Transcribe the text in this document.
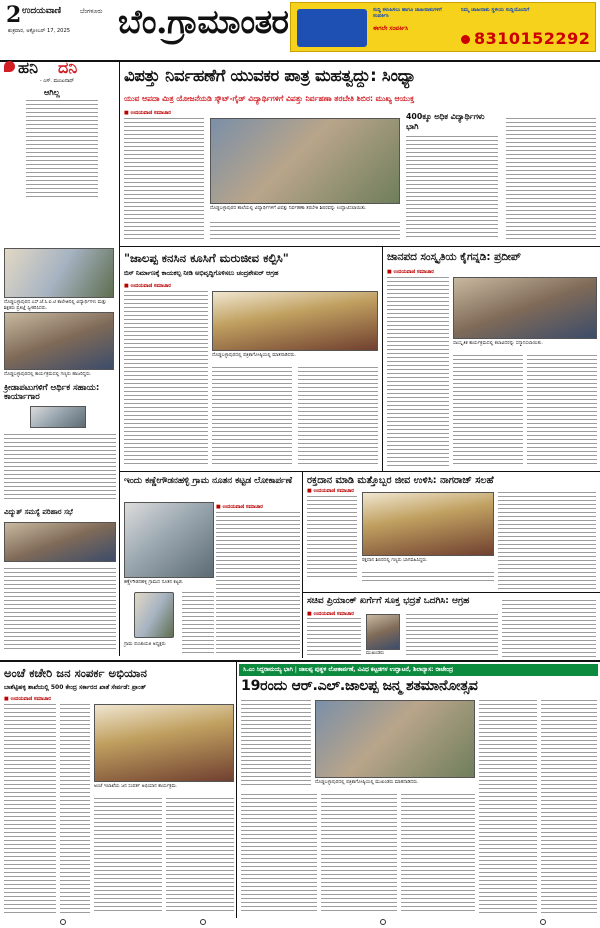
2 ಉದಯವಾಣಿ	ಬೆಂಗಳೂರು
ಶುಕ್ರವಾರ, ಅಕ್ಟೋಬರ್ 17, 2025 ಬೆಂ.ಗ್ರಾಮಾಂತರ	ಸುದ್ದಿ ಕಳುಹಿಸಲು ಹಾಗೂ ಜಾಹೀರಾತುಗಳಿಗೆ ಸಂಪರ್ಕಿಸಿ
ಈಗಲೇ ಸಂಪರ್ಕಿಸಿ
ನಿಮ್ಮ ಜಾಹೀರಾತು ಸ್ಥಳೀಯ ಸುದ್ದಿಯೊಂದಿಗೆ
8310152292
ಹನಿ ದನಿ
- ಎಸ್. ಮಂಜುನಾಥ್
ಆಗಿಲ್ಲ
ದೊಡ್ಡಬಳ್ಳಾಪುರದ ಎಸ್‌.ಜೆ.ಸಿ.ಐ.ಟಿ ಕಾಲೇಜಿನಲ್ಲಿ ವಿದ್ಯಾರ್ಥಿಗಳು ಮತ್ತು ಶಿಕ್ಷಕರು ಪ್ರತಿಜ್ಞೆ ಸ್ವೀಕರಿಸಿದರು.
ದೊಡ್ಡಬಳ್ಳಾಪುರದಲ್ಲಿ ಕಾರ್ಯಕ್ರಮದಲ್ಲಿ ಗಣ್ಯರು ಹಾಜರಿದ್ದರು.
ಕ್ರೀಡಾಪಟುಗಳಿಗೆ ಆರ್ಥಿಕ ಸಹಾಯ: ಕಾರ್ಯಾಗಾರ
ವಿದ್ಯುತ್ ಸಮಸ್ಯೆ ಪರಿಹಾರ ಸಭೆ
ವಿಪತ್ತು ನಿರ್ವಹಣೆಗೆ ಯುವಕರ ಪಾತ್ರ ಮಹತ್ವದ್ದು: ಸಿಂಧ್ಯಾ
ಯುವ ಆಪದಾ ಮಿತ್ರ ಯೋಜನೆಯಡಿ ಸ್ಕೌಟ್-ಗೈಡ್ ವಿದ್ಯಾರ್ಥಿಗಳಿಗೆ ವಿಪತ್ತು ನಿರ್ವಹಣಾ ತರಬೇತಿ ಶಿಬಿರ: ಮುಖ್ಯ ಆಯುಕ್ತ
■ ಉದಯವಾಣಿ ಸಮಾಚಾರ
ದೊಡ್ಡಬಳ್ಳಾಪುರದ ಶಾಲೆಯಲ್ಲಿ ವಿದ್ಯಾರ್ಥಿಗಳಿಗೆ ವಿಪತ್ತು ನಿರ್ವಹಣಾ ತರಬೇತಿ ಶಿಬಿರವನ್ನು ಉದ್ಘಾಟಿಸಲಾಯಿತು.
400ಕ್ಕೂ ಅಧಿಕ ವಿದ್ಯಾರ್ಥಿಗಳು ಭಾಗಿ
"ಜಾಲಪ್ಪ ಕನಸಿನ ಕೂಸಿಗೆ ಮರುಜೀವ ಕಲ್ಪಿಸಿ"
ಬಿಸ್ ನಿರ್ಮಾಣಕ್ಕೆ ಕಾಯಕಲ್ಪ ನೀಡಿ ಅಭಿವೃದ್ಧಿಗೊಳಿಸಲು ಚಂದ್ರಶೇಖರ್ ಆಗ್ರಹ
■ ಉದಯವಾಣಿ ಸಮಾಚಾರ
ದೊಡ್ಡಬಳ್ಳಾಪುರದಲ್ಲಿ ಪತ್ರಿಕಾಗೋಷ್ಠಿಯಲ್ಲಿ ಮಾತನಾಡಿದರು.
ಜಾನಪದ ಸಂಸ್ಕೃತಿಯ ಕೈಗನ್ನಡಿ: ಪ್ರದೀಪ್
■ ಉದಯವಾಣಿ ಸಮಾಚಾರ
ಸಾಂಸ್ಕೃತಿಕ ಕಾರ್ಯಕ್ರಮದಲ್ಲಿ ಕಲಾವಿದರನ್ನು ಸನ್ಮಾನಿಸಲಾಯಿತು.
ಇಂದು ಕಣ್ಣೇಗೌಡನಹಳ್ಳಿ ಗ್ರಾಮ ನೂತನ ಕಟ್ಟಡ ಲೋಕಾರ್ಪಣೆ
■ ಉದಯವಾಣಿ ಸಮಾಚಾರ
ಕಣ್ಣೇಗೌಡನಹಳ್ಳಿ ಗ್ರಾಮದ ನೂತನ ಕಟ್ಟಡ.
ಗ್ರಾಮ ಪಂಚಾಯತಿ ಅಧ್ಯಕ್ಷರು
ರಕ್ತದಾನ ಮಾಡಿ ಮತ್ತೊಬ್ಬರ ಜೀವ ಉಳಿಸಿ: ನಾಗರಾಜ್ ಸಲಹೆ
■ ಉದಯವಾಣಿ ಸಮಾಚಾರ
ರಕ್ತದಾನ ಶಿಬಿರದಲ್ಲಿ ಗಣ್ಯರು ಭಾಗವಹಿಸಿದ್ದರು.
ಸಚಿವ ಪ್ರಿಯಾಂಕ್ ಖರ್ಗೆಗೆ ಸೂಕ್ತ ಭದ್ರತೆ ಒದಗಿಸಿ: ಆಗ್ರಹ
■ ಉದಯವಾಣಿ ಸಮಾಚಾರ
ಮುಖಂಡರು
ಅಂಚೆ ಕಚೇರಿ ಜನ ಸಂಪರ್ಕ ಅಭಿಯಾನ
ಬಾಶೆಟ್ಟಿಹಳ್ಳಿ ಶಾಖೆಯಲ್ಲಿ 500 ಕೇಂದ್ರ ಸರ್ಕಾರದ ಖಾತೆ ಸೇರ್ಪಡೆ: ಪ್ರಾಂತ್
■ ಉದಯವಾಣಿ ಸಮಾಚಾರ
ಅಂಚೆ ಇಲಾಖೆಯ ಜನ ಸಂಪರ್ಕ ಅಭಿಯಾನ ಕಾರ್ಯಕ್ರಮ.
ಸಿ.ಎಂ ಸಿದ್ದರಾಮಯ್ಯ ಭಾಗಿ | ಜಾಲಪ್ಪ ಪುತ್ಥಳಿ ಲೋಕಾರ್ಪಣೆ, ವಿವಿಧ ಕಟ್ಟಡಗಳ ಉದ್ಘಾಟನೆ, ಶಿಲಾನ್ಯಾಸ: ರಾಜೇಂದ್ರ
19ರಂದು ಆರ್.ಎಲ್.ಜಾಲಪ್ಪ ಜನ್ಮ ಶತಮಾನೋತ್ಸವ
ದೊಡ್ಡಬಳ್ಳಾಪುರದಲ್ಲಿ ಪತ್ರಿಕಾಗೋಷ್ಠಿಯಲ್ಲಿ ಮುಖಂಡರು ಮಾತನಾಡಿದರು.
